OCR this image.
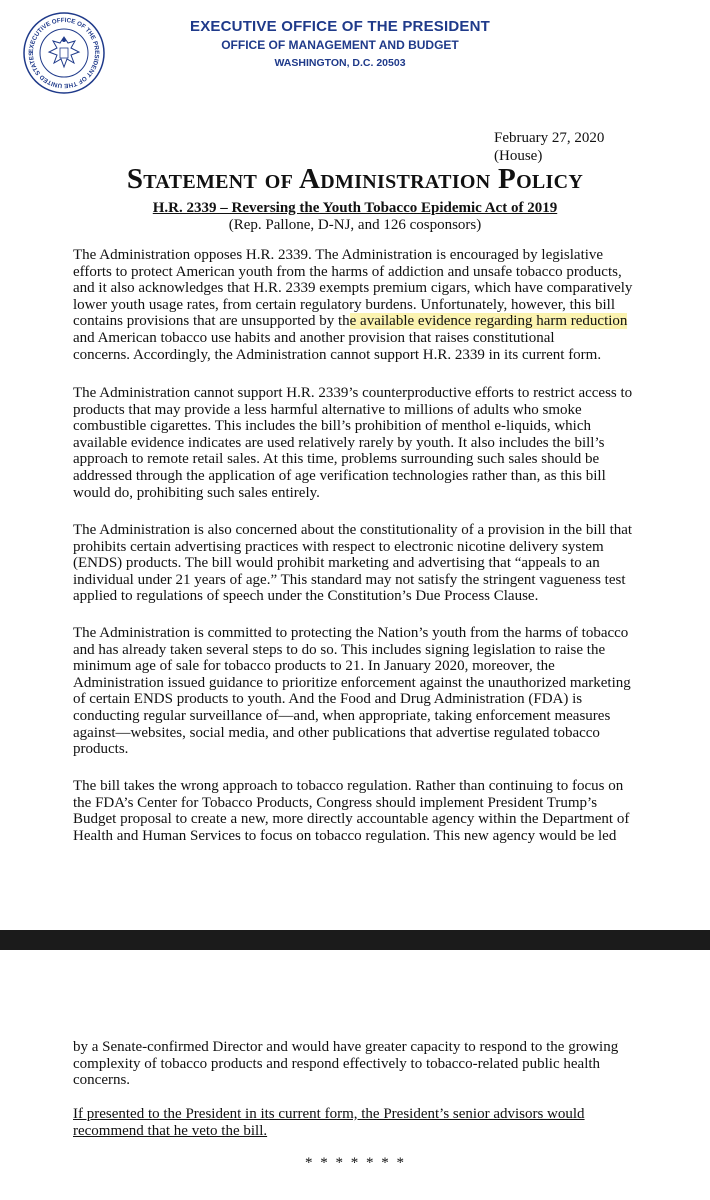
EXECUTIVE OFFICE OF THE PRESIDENT OF THE UNITED STATES
EXECUTIVE OFFICE OF THE PRESIDENT
OFFICE OF MANAGEMENT AND BUDGET
WASHINGTON, D.C. 20503
February 27, 2020
(House)
Statement of Administration Policy
H.R. 2339 – Reversing the Youth Tobacco Epidemic Act of 2019
(Rep. Pallone, D-NJ, and 126 cosponsors)
The Administration opposes H.R. 2339. The Administration is encouraged by legislative
efforts to protect American youth from the harms of addiction and unsafe tobacco products,
and it also acknowledges that H.R. 2339 exempts premium cigars, which have comparatively
lower youth usage rates, from certain regulatory burdens. Unfortunately, however, this bill
contains provisions that are unsupported by the available evidence regarding harm reduction
and American tobacco use habits and another provision that raises constitutional
concerns. Accordingly, the Administration cannot support H.R. 2339 in its current form.
The Administration cannot support H.R. 2339’s counterproductive efforts to restrict access to
products that may provide a less harmful alternative to millions of adults who smoke
combustible cigarettes. This includes the bill’s prohibition of menthol e-liquids, which
available evidence indicates are used relatively rarely by youth. It also includes the bill’s
approach to remote retail sales. At this time, problems surrounding such sales should be
addressed through the application of age verification technologies rather than, as this bill
would do, prohibiting such sales entirely.
The Administration is also concerned about the constitutionality of a provision in the bill that
prohibits certain advertising practices with respect to electronic nicotine delivery system
(ENDS) products. The bill would prohibit marketing and advertising that “appeals to an
individual under 21 years of age.” This standard may not satisfy the stringent vagueness test
applied to regulations of speech under the Constitution’s Due Process Clause.
The Administration is committed to protecting the Nation’s youth from the harms of tobacco
and has already taken several steps to do so. This includes signing legislation to raise the
minimum age of sale for tobacco products to 21. In January 2020, moreover, the
Administration issued guidance to prioritize enforcement against the unauthorized marketing
of certain ENDS products to youth. And the Food and Drug Administration (FDA) is
conducting regular surveillance of—and, when appropriate, taking enforcement measures
against—websites, social media, and other publications that advertise regulated tobacco
products.
The bill takes the wrong approach to tobacco regulation. Rather than continuing to focus on
the FDA’s Center for Tobacco Products, Congress should implement President Trump’s
Budget proposal to create a new, more directly accountable agency within the Department of
Health and Human Services to focus on tobacco regulation. This new agency would be led
by a Senate-confirmed Director and would have greater capacity to respond to the growing
complexity of tobacco products and respond effectively to tobacco-related public health
concerns.
If presented to the President in its current form, the President’s senior advisors would
recommend that he veto the bill.
* * * * * * *
